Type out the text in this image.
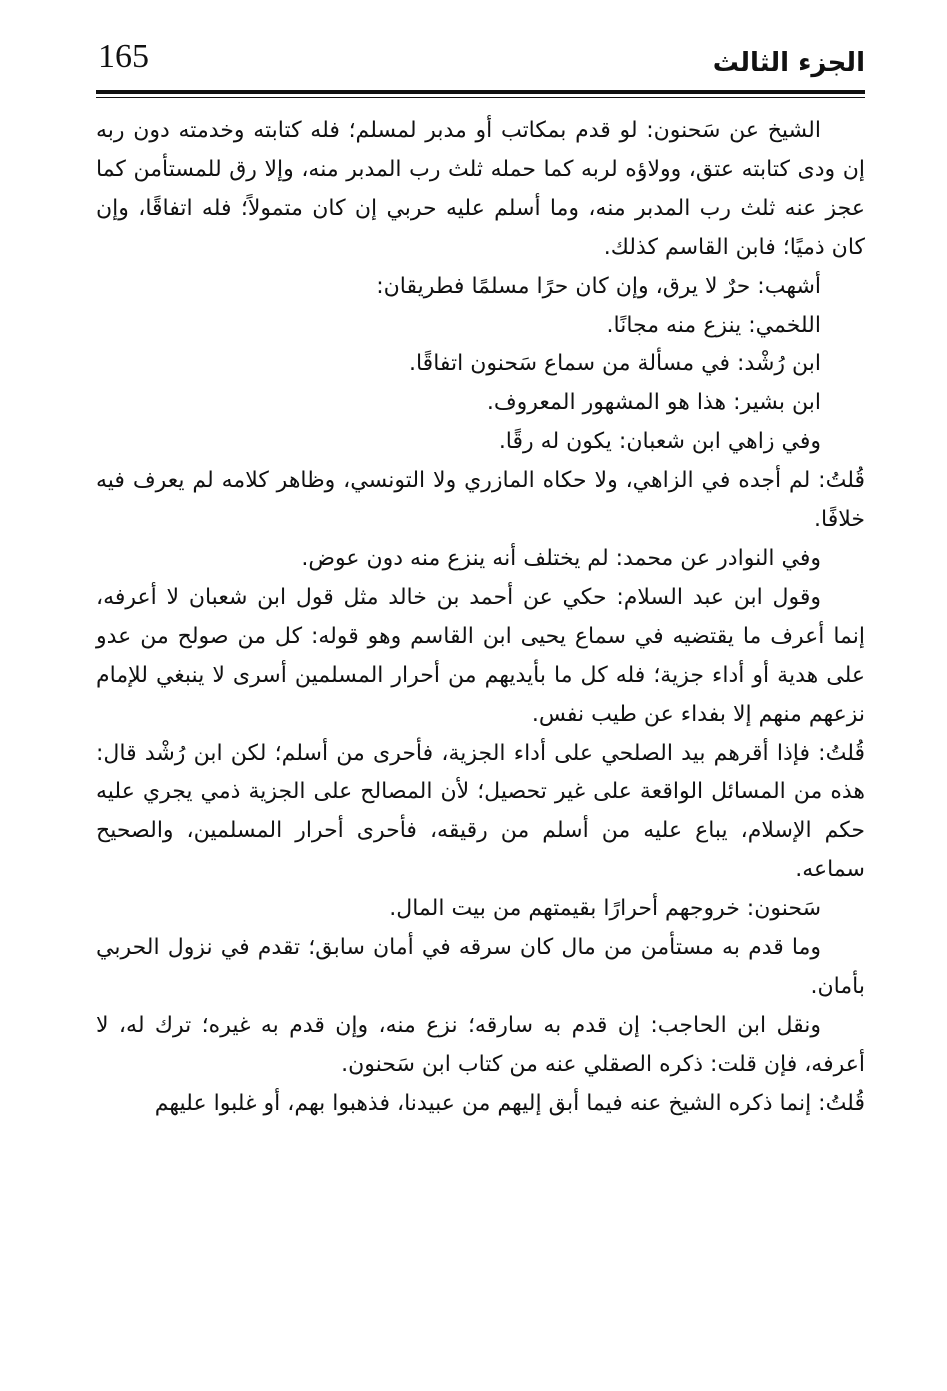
165	الجزء الثالث

الشيخ عن سَحنون: لو قدم بمكاتب أو مدبر لمسلم؛ فله كتابته وخدمته دون ربه إن ودى كتابته عتق، وولاؤه لربه كما حمله ثلث رب المدبر منه، وإلا رق للمستأمن كما عجز عنه ثلث رب المدبر منه، وما أسلم عليه حربي إن كان متمولاً؛ فله اتفاقًا، وإن كان ذميًا؛ فابن القاسم كذلك.

أشهب: حرٌ لا يرق، وإن كان حرًا مسلمًا فطريقان:

اللخمي: ينزع منه مجانًا.

ابن رُشْد: في مسألة من سماع سَحنون اتفاقًا.

ابن بشير: هذا هو المشهور المعروف.

وفي زاهي ابن شعبان: يكون له رقًا.

قُلتُ: لم أجده في الزاهي، ولا حكاه المازري ولا التونسي، وظاهر كلامه لم يعرف فيه خلافًا.

وفي النوادر عن محمد: لم يختلف أنه ينزع منه دون عوض.

وقول ابن عبد السلام: حكي عن أحمد بن خالد مثل قول ابن شعبان لا أعرفه، إنما أعرف ما يقتضيه في سماع يحيى ابن القاسم وهو قوله: كل من صولح من عدو على هدية أو أداء جزية؛ فله كل ما بأيديهم من أحرار المسلمين أسرى لا ينبغي للإمام نزعهم منهم إلا بفداء عن طيب نفس.

قُلتُ: فإذا أقرهم بيد الصلحي على أداء الجزية، فأحرى من أسلم؛ لكن ابن رُشْد قال: هذه من المسائل الواقعة على غير تحصيل؛ لأن المصالح على الجزية ذمي يجري عليه حكم الإسلام، يباع عليه من أسلم من رقيقه، فأحرى أحرار المسلمين، والصحيح سماعه.

سَحنون: خروجهم أحرارًا بقيمتهم من بيت المال.

وما قدم به مستأمن من مال كان سرقه في أمان سابق؛ تقدم في نزول الحربي بأمان.

ونقل ابن الحاجب: إن قدم به سارقه؛ نزع منه، وإن قدم به غيره؛ ترك له، لا أعرفه، فإن قلت: ذكره الصقلي عنه من كتاب ابن سَحنون.

قُلتُ: إنما ذكره الشيخ عنه فيما أبق إليهم من عبيدنا، فذهبوا بهم، أو غلبوا عليهم
